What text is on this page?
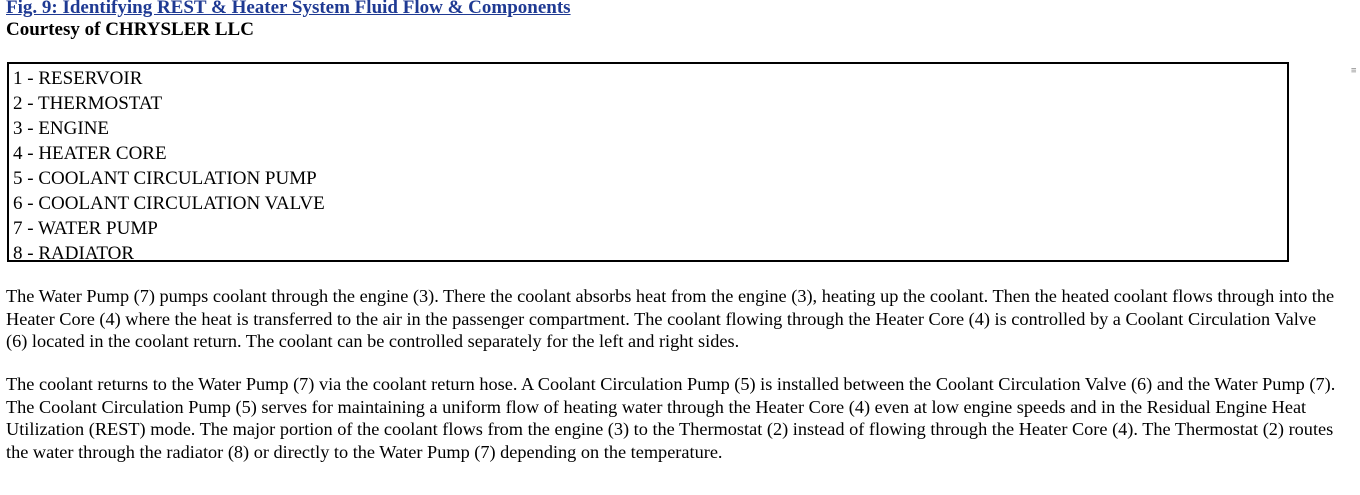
Fig. 9: Identifying REST & Heater System Fluid Flow & Components
Courtesy of CHRYSLER LLC
1 - RESERVOIR
2 - THERMOSTAT
3 - ENGINE
4 - HEATER CORE
5 - COOLANT CIRCULATION PUMP
6 - COOLANT CIRCULATION VALVE
7 - WATER PUMP
8 - RADIATOR

The Water Pump (7) pumps coolant through the engine (3). There the coolant absorbs heat from the engine (3), heating up the coolant. Then the heated coolant flows through into the Heater Core (4) where the heat is transferred to the air in the passenger compartment. The coolant flowing through the Heater Core (4) is controlled by a Coolant Circulation Valve (6) located in the coolant return. The coolant can be controlled separately for the left and right sides.

The coolant returns to the Water Pump (7) via the coolant return hose. A Coolant Circulation Pump (5) is installed between the Coolant Circulation Valve (6) and the Water Pump (7). The Coolant Circulation Pump (5) serves for maintaining a uniform flow of heating water through the Heater Core (4) even at low engine speeds and in the Residual Engine Heat Utilization (REST) mode. The major portion of the coolant flows from the engine (3) to the Thermostat (2) instead of flowing through the Heater Core (4). The Thermostat (2) routes the water through the radiator (8) or directly to the Water Pump (7) depending on the temperature.

≡
